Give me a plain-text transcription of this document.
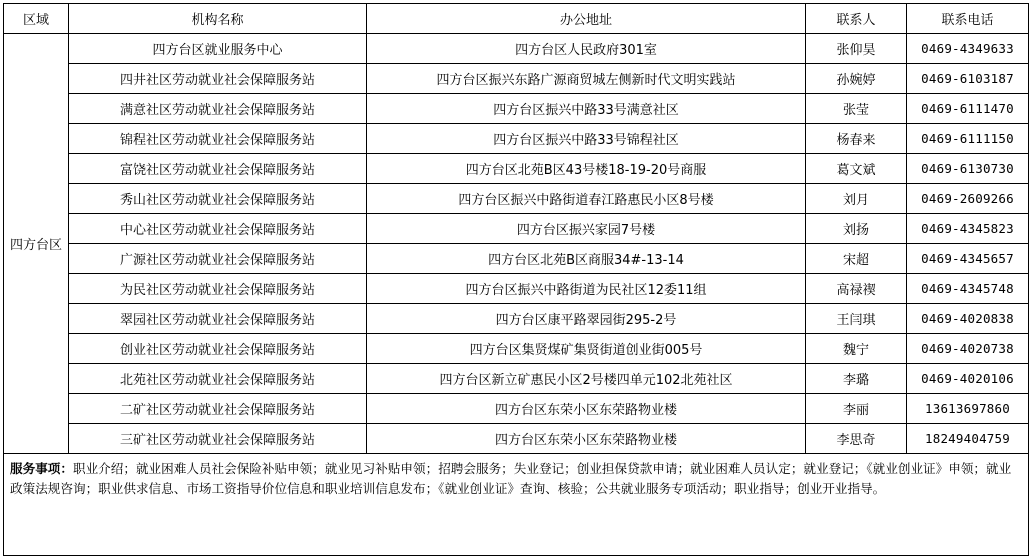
区域	机构名称	办公地址	联系人	联系电话
四方台区	四方台区就业服务中心	四方台区人民政府301室	张仰昊	0469-4349633
	四井社区劳动就业社会保障服务站	四方台区振兴东路广源商贸城左侧新时代文明实践站	孙婉婷	0469-6103187
	满意社区劳动就业社会保障服务站	四方台区振兴中路33号满意社区	张莹	0469-6111470
	锦程社区劳动就业社会保障服务站	四方台区振兴中路33号锦程社区	杨春来	0469-6111150
	富饶社区劳动就业社会保障服务站	四方台区北苑B区43号楼18-19-20号商服	葛文斌	0469-6130730
	秀山社区劳动就业社会保障服务站	四方台区振兴中路街道春江路惠民小区8号楼	刘月	0469-2609266
	中心社区劳动就业社会保障服务站	四方台区振兴家园7号楼	刘扬	0469-4345823
	广源社区劳动就业社会保障服务站	四方台区北苑B区商服34#-13-14	宋超	0469-4345657
	为民社区劳动就业社会保障服务站	四方台区振兴中路街道为民社区12委11组	高禄禊	0469-4345748
	翠园社区劳动就业社会保障服务站	四方台区康平路翠园街295-2号	王闫琪	0469-4020838
	创业社区劳动就业社会保障服务站	四方台区集贤煤矿集贤街道创业街005号	魏宁	0469-4020738
	北苑社区劳动就业社会保障服务站	四方台区新立矿惠民小区2号楼四单元102北苑社区	李璐	0469-4020106
	二矿社区劳动就业社会保障服务站	四方台区东荣小区东荣路物业楼	李丽	13613697860
	三矿社区劳动就业社会保障服务站	四方台区东荣小区东荣路物业楼	李思奇	18249404759
服务事项：职业介绍；就业困难人员社会保险补贴申领；就业见习补贴申领；招聘会服务；失业登记；创业担保贷款申请；就业困难人员认定；就业登记；《就业创业证》申领；就业政策法规咨询；职业供求信息、市场工资指导价位信息和职业培训信息发布；《就业创业证》查询、核验；公共就业服务专项活动；职业指导；创业开业指导。				
